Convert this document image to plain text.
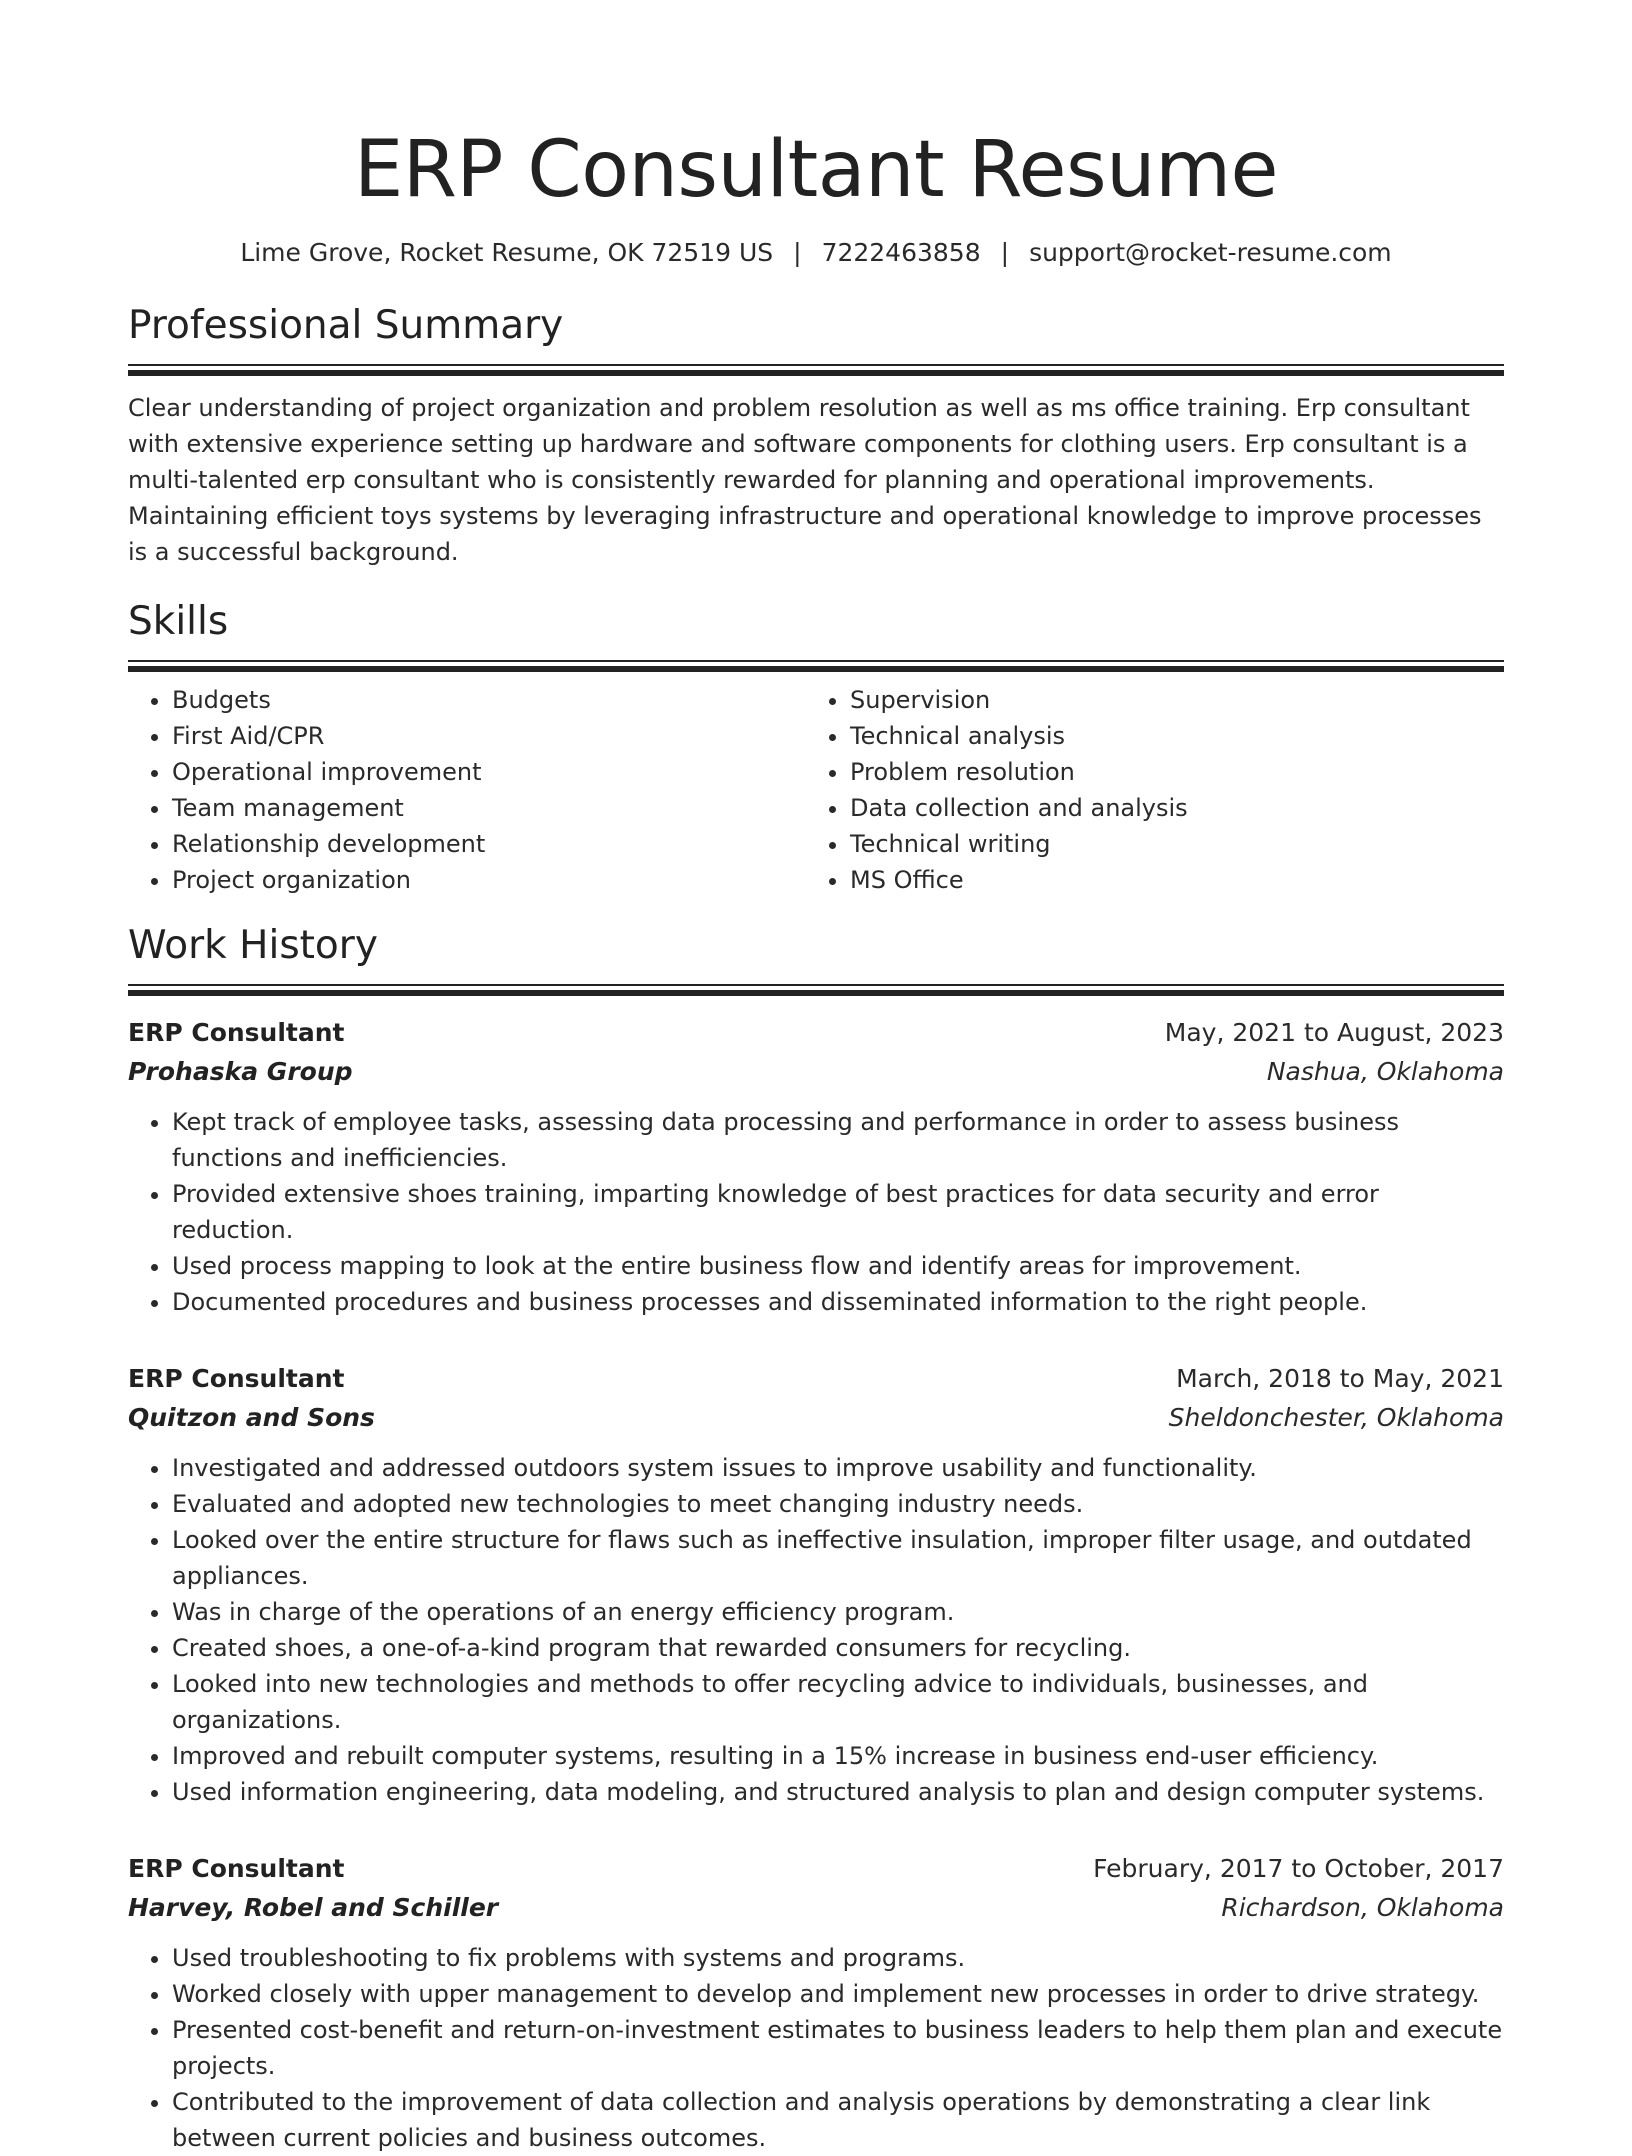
ERP Consultant Resume
Lime Grove, Rocket Resume, OK 72519 US | 7222463858 | support@rocket-resume.com
Professional Summary

Clear understanding of project organization and problem resolution as well as ms office training. Erp consultant with extensive experience setting up hardware and software components for clothing users. Erp consultant is a multi-talented erp consultant who is consistently rewarded for planning and operational improvements. Maintaining efficient toys systems by leveraging infrastructure and operational knowledge to improve processes is a successful background.

Skills
• Budgets
• First Aid/CPR
• Operational improvement
• Team management
• Relationship development
• Project organization
• Supervision
• Technical analysis
• Problem resolution
• Data collection and analysis
• Technical writing
• MS Office
Work History
ERP Consultant	May, 2021 to August, 2023
Prohaska Group	Nashua, Oklahoma
• Kept track of employee tasks, assessing data processing and performance in order to assess business functions and inefficiencies.
• Provided extensive shoes training, imparting knowledge of best practices for data security and error reduction.
• Used process mapping to look at the entire business flow and identify areas for improvement.
• Documented procedures and business processes and disseminated information to the right people.
ERP Consultant	March, 2018 to May, 2021
Quitzon and Sons	Sheldonchester, Oklahoma
• Investigated and addressed outdoors system issues to improve usability and functionality.
• Evaluated and adopted new technologies to meet changing industry needs.
• Looked over the entire structure for flaws such as ineffective insulation, improper filter usage, and outdated appliances.
• Was in charge of the operations of an energy efficiency program.
• Created shoes, a one-of-a-kind program that rewarded consumers for recycling.
• Looked into new technologies and methods to offer recycling advice to individuals, businesses, and organizations.
• Improved and rebuilt computer systems, resulting in a 15% increase in business end-user efficiency.
• Used information engineering, data modeling, and structured analysis to plan and design computer systems.
ERP Consultant	February, 2017 to October, 2017
Harvey, Robel and Schiller	Richardson, Oklahoma
• Used troubleshooting to fix problems with systems and programs.
• Worked closely with upper management to develop and implement new processes in order to drive strategy.
• Presented cost-benefit and return-on-investment estimates to business leaders to help them plan and execute projects.
• Contributed to the improvement of data collection and analysis operations by demonstrating a clear link between current policies and business outcomes.
